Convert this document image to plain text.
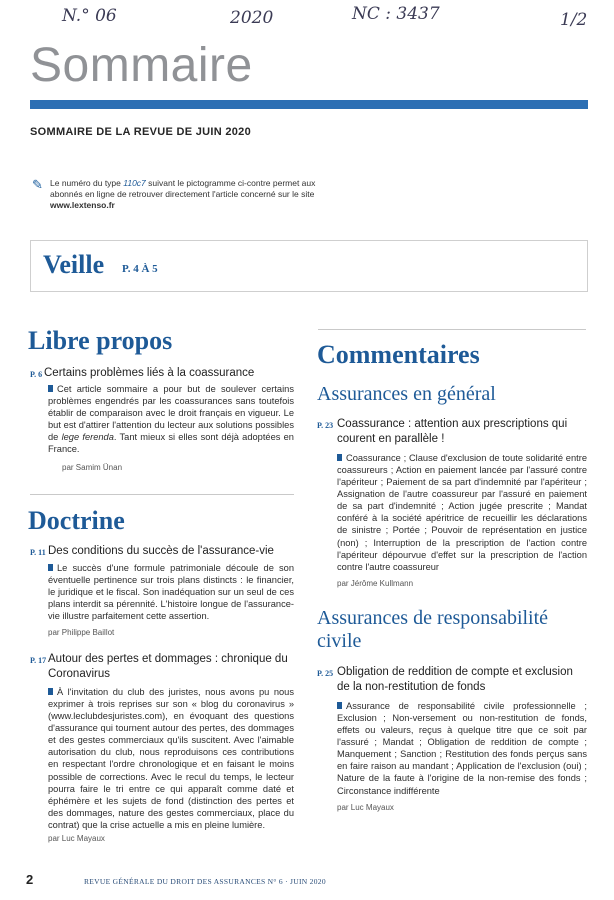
N.° 06	2020	NC : 3437	1/2
Sommaire
SOMMAIRE DE LA REVUE DE JUIN 2020
✎ Le numéro du type 110c7 suivant le pictogramme ci-contre permet aux abonnés en ligne de retrouver directement l'article concerné sur le site www.lextenso.fr
Veille P. 4 À 5
Libre propos
P. 6 Certains problèmes liés à la coassurance
Cet article sommaire a pour but de soulever certains problèmes engendrés par les coassurances sans toutefois établir de comparaison avec le droit français en vigueur. Le but est d'attirer l'attention du lecteur aux solutions possibles de lege ferenda. Tant mieux si elles sont déjà adoptées en France.
par Samim Ünan
Doctrine
P. 11 Des conditions du succès de l'assurance-vie
Le succès d'une formule patrimoniale découle de son éventuelle pertinence sur trois plans distincts : le financier, le juridique et le fiscal. Son inadéquation sur un seul de ces plans interdit sa pérennité. L'histoire longue de l'assurance-vie illustre parfaitement cette assertion.
par Philippe Baillot
P. 17 Autour des pertes et dommages : chronique du Coronavirus
À l'invitation du club des juristes, nous avons pu nous exprimer à trois reprises sur son « blog du coronavirus » (www.leclubdesjuristes.com), en évoquant des questions d'assurance qui tournent autour des pertes, des dommages et des gestes commerciaux qu'ils suscitent. Avec l'aimable autorisation du club, nous reproduisons ces contributions en respectant l'ordre chronologique et en faisant le moins possible de corrections. Avec le recul du temps, le lecteur pourra faire le tri entre ce qui apparaît comme daté et éphémère et les sujets de fond (distinction des pertes et des dommages, nature des gestes commerciaux, place du contrat) que la crise actuelle a mis en pleine lumière.
par Luc Mayaux
Commentaires
Assurances en général
P. 23 Coassurance : attention aux prescriptions qui courent en parallèle !
Coassurance ; Clause d'exclusion de toute solidarité entre coassureurs ; Action en paiement lancée par l'assuré contre l'apériteur ; Paiement de sa part d'indemnité par l'apériteur ; Assignation de l'autre coassureur par l'assuré en paiement de sa part d'indemnité ; Action jugée prescrite ; Mandat conféré à la société apéritrice de recueillir les déclarations de sinistre ; Portée ; Pouvoir de représentation en justice (non) ; Interruption de la prescription de l'action contre l'apériteur dépourvue d'effet sur la prescription de l'action contre l'autre coassureur
par Jérôme Kullmann
Assurances de responsabilité civile
P. 25 Obligation de reddition de compte et exclusion de la non-restitution de fonds
Assurance de responsabilité civile professionnelle ; Exclusion ; Non-versement ou non-restitution de fonds, effets ou valeurs, reçus à quelque titre que ce soit par l'assuré ; Mandat ; Obligation de reddition de compte ; Manquement ; Sanction ; Restitution des fonds perçus sans en faire raison au mandant ; Application de l'exclusion (oui) ; Nature de la faute à l'origine de la non-remise des fonds ; Circonstance indifférente
par Luc Mayaux
2	REVUE GÉNÉRALE DU DROIT DES ASSURANCES N° 6 · JUIN 2020
